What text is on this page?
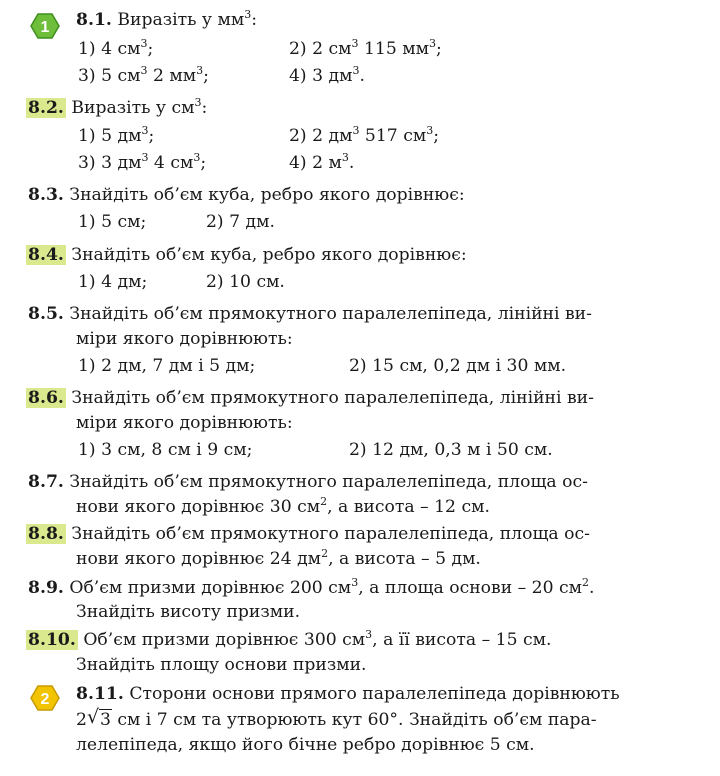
1 8.1. Виразіть у $мм^3$:
1) 4 $см^3$;	2) 2 $см^3$ 115 $мм^3$;
3) 5 $см^3$ 2 $мм^3$;	4) 3 $дм^3$.
8.2. Виразіть у $см^3$:
1) 5 $дм^3$;	2) 2 $дм^3$ 517 $см^3$;
3) 3 $дм^3$ 4 $см^3$;	4) 2 $м^3$.
8.3. Знайдіть об’єм куба, ребро якого дорівнює:
1) 5 см;	2) 7 дм.
8.4. Знайдіть об’єм куба, ребро якого дорівнює:
1) 4 дм;	2) 10 см.
8.5. Знайдіть об’єм прямокутного паралелепіпеда, лінійні ви-
міри якого дорівнюють:
1) 2 дм, 7 дм і 5 дм;	2) 15 см, 0,2 дм і 30 мм.
8.6. Знайдіть об’єм прямокутного паралелепіпеда, лінійні ви-
міри якого дорівнюють:
1) 3 см, 8 см і 9 см;	2) 12 дм, 0,3 м і 50 см.
8.7. Знайдіть об’єм прямокутного паралелепіпеда, площа ос-
нови якого дорівнює 30 $см^2$, а висота – 12 см.
8.8. Знайдіть об’єм прямокутного паралелепіпеда, площа ос-
нови якого дорівнює 24 $дм^2$, а висота – 5 дм.
8.9. Об’єм призми дорівнює 200 $см^3$, а площа основи – 20 $см^2$.
Знайдіть висоту призми.
8.10. Об’єм призми дорівнює 300 $см^3$, а її висота – 15 см.
Знайдіть площу основи призми.
2 8.11. Сторони основи прямого паралелепіпеда дорівнюють
2 √ 3 см і 7 см та утворюють кут 60°. Знайдіть об’єм пара-
лелепіпеда, якщо його бічне ребро дорівнює 5 см.
